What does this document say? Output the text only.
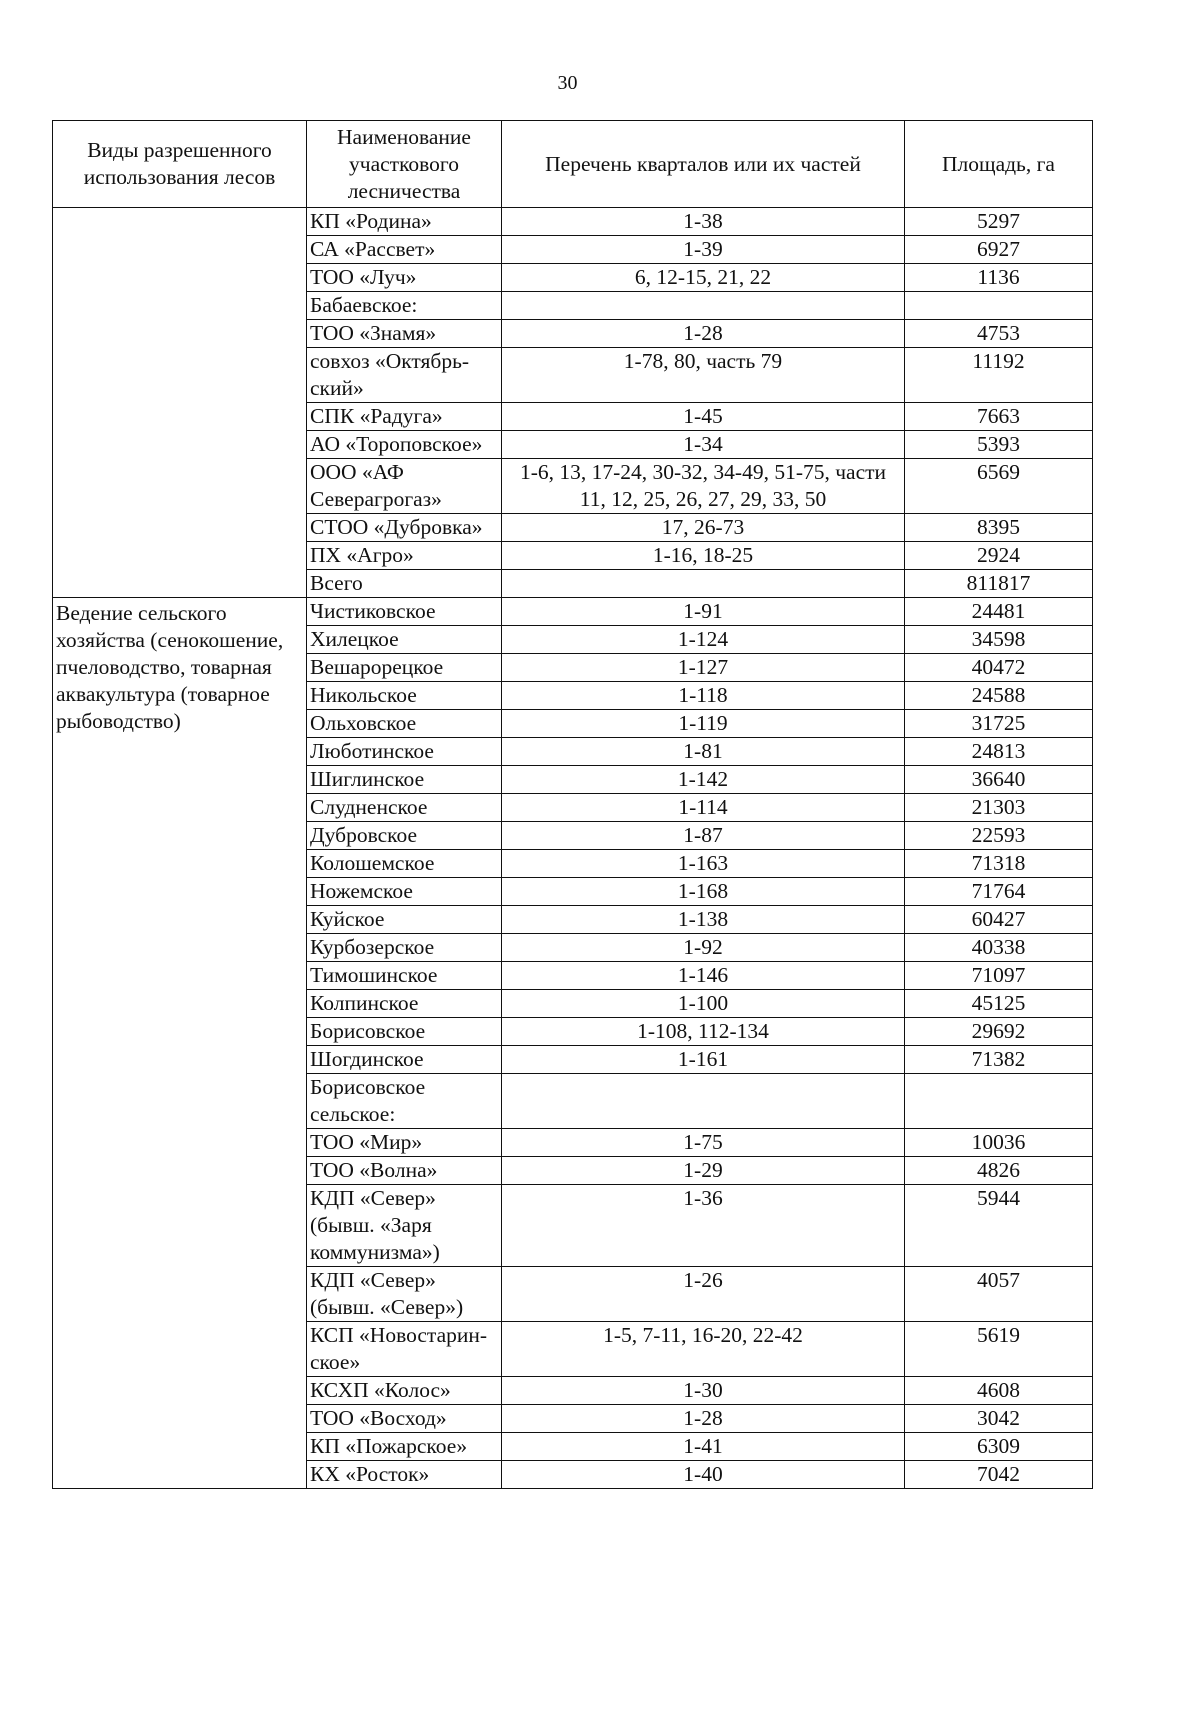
30
Виды разрешенного использования лесов	Наименование участкового лесничества	Перечень кварталов или их частей	Площадь, га
	КП «Родина»	1-38	5297
	СА «Рассвет»	1-39	6927
	ТОО «Луч»	6, 12-15, 21, 22	1136
	Бабаевское:		
	ТОО «Знамя»	1-28	4753
	совхоз «Октябрь-ский»	1-78, 80, часть 79	11192
	СПК «Радуга»	1-45	7663
	АО «Тороповское»	1-34	5393
	ООО «АФ Северагрогаз»	1-6, 13, 17-24, 30-32, 34-49, 51-75, части 11, 12, 25, 26, 27, 29, 33, 50	6569
	СТОО «Дубровка»	17, 26-73	8395
	ПХ «Агро»	1-16, 18-25	2924
	Всего		811817
Ведение сельского хозяйства (сенокошение, пчеловодство, товарная аквакультура (товарное рыбоводство)	Чистиковское	1-91	24481
	Хилецкое	1-124	34598
	Вешарорецкое	1-127	40472
	Никольское	1-118	24588
	Ольховское	1-119	31725
	Люботинское	1-81	24813
	Шиглинское	1-142	36640
	Слудненское	1-114	21303
	Дубровское	1-87	22593
	Колошемское	1-163	71318
	Ножемское	1-168	71764
	Куйское	1-138	60427
	Курбозерское	1-92	40338
	Тимошинское	1-146	71097
	Колпинское	1-100	45125
	Борисовское	1-108, 112-134	29692
	Шогдинское	1-161	71382
	Борисовское сельское:		
	ТОО «Мир»	1-75	10036
	ТОО «Волна»	1-29	4826
	КДП «Север» (бывш. «Заря коммунизма»)	1-36	5944
	КДП «Север» (бывш. «Север»)	1-26	4057
	КСП «Новостарин-ское»	1-5, 7-11, 16-20, 22-42	5619
	КСХП «Колос»	1-30	4608
	ТОО «Восход»	1-28	3042
	КП «Пожарское»	1-41	6309
	КХ «Росток»	1-40	7042
